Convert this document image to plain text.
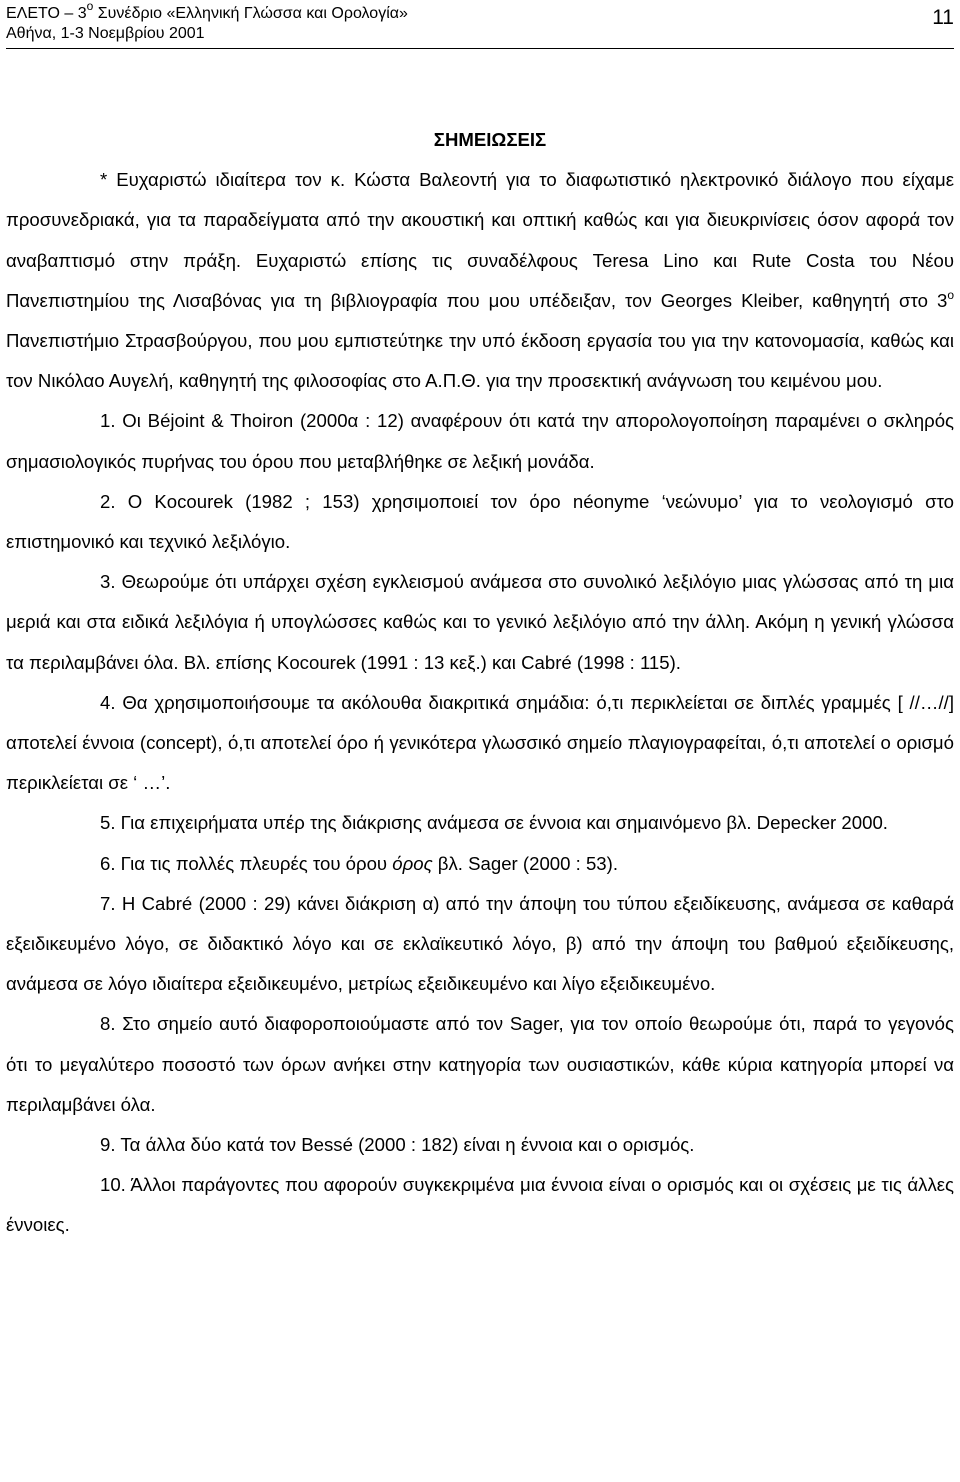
ΕΛΕΤΟ – $3^o$ Συνέδριο «Ελληνική Γλώσσα και Ορολογία»
Αθήνα, 1-3 Νοεμβρίου 2001
11
ΣΗΜΕΙΩΣΕΙΣ

* Ευχαριστώ ιδιαίτερα τον κ. Κώστα Βαλεοντή για το διαφωτιστικό ηλεκτρονικό διάλογο που είχαμε προσυνεδριακά, για τα παραδείγματα από την ακουστική και οπτική καθώς και για διευκρινίσεις όσον αφορά τον αναβαπτισμό στην πράξη. Ευχαριστώ επίσης τις συναδέλφους Teresa Lino και Rute Costa του Νέου Πανεπιστημίου της Λισαβόνας για τη βιβλιογραφία που μου υπέδειξαν, τον Georges Kleiber, καθηγητή στο $3^o$ Πανεπιστήμιο Στρασβούργου, που μου εμπιστεύτηκε την υπό έκδοση εργασία του για την κατονομασία, καθώς και τον Νικόλαο Αυγελή, καθηγητή της φιλοσοφίας στο Α.Π.Θ. για την προσεκτική ανάγνωση του κειμένου μου.

1. Οι Béjoint & Thoiron (2000α : 12) αναφέρουν ότι κατά την απορολογοποίηση παραμένει ο σκληρός σημασιολογικός πυρήνας του όρου που μεταβλήθηκε σε λεξική μονάδα.

2. Ο Kocourek (1982 ; 153) χρησιμοποιεί τον όρο néonyme ‘νεώνυμο’ για το νεολογισμό στο επιστημονικό και τεχνικό λεξιλόγιο.

3. Θεωρούμε ότι υπάρχει σχέση εγκλεισμού ανάμεσα στο συνολικό λεξιλόγιο μιας γλώσσας από τη μια μεριά και στα ειδικά λεξιλόγια ή υπογλώσσες καθώς και το γενικό λεξιλόγιο από την άλλη. Ακόμη η γενική γλώσσα τα περιλαμβάνει όλα. Βλ. επίσης Kocourek (1991 : 13 κεξ.) και Cabré (1998 : 115).

4. Θα χρησιμοποιήσουμε τα ακόλουθα διακριτικά σημάδια: ό,τι περικλείεται σε διπλές γραμμές [ //…//] αποτελεί έννοια (concept), ό,τι αποτελεί όρο ή γενικότερα γλωσσικό σημείο πλαγιογραφείται, ό,τι αποτελεί ο ορισμό περικλείεται σε ‘ …’.

5. Για επιχειρήματα υπέρ της διάκρισης ανάμεσα σε έννοια και σημαινόμενο βλ. Depecker 2000.

6. Για τις πολλές πλευρές του όρου όρος βλ. Sager (2000 : 53).

7. Η Cabré (2000 : 29) κάνει διάκριση α) από την άποψη του τύπου εξειδίκευσης, ανάμεσα σε καθαρά εξειδικευμένο λόγο, σε διδακτικό λόγο και σε εκλαϊκευτικό λόγο, β) από την άποψη του βαθμού εξειδίκευσης, ανάμεσα σε λόγο ιδιαίτερα εξειδικευμένο, μετρίως εξειδικευμένο και λίγο εξειδικευμένο.

8. Στο σημείο αυτό διαφοροποιούμαστε από τον Sager, για τον οποίο θεωρούμε ότι, παρά το γεγονός ότι το μεγαλύτερο ποσοστό των όρων ανήκει στην κατηγορία των ουσιαστικών, κάθε κύρια κατηγορία μπορεί να περιλαμβάνει όλα.

9. Τα άλλα δύο κατά τον Bessé (2000 : 182) είναι η έννοια και ο ορισμός.

10. Άλλοι παράγοντες που αφορούν συγκεκριμένα μια έννοια είναι ο ορισμός και οι σχέσεις με τις άλλες έννοιες.
